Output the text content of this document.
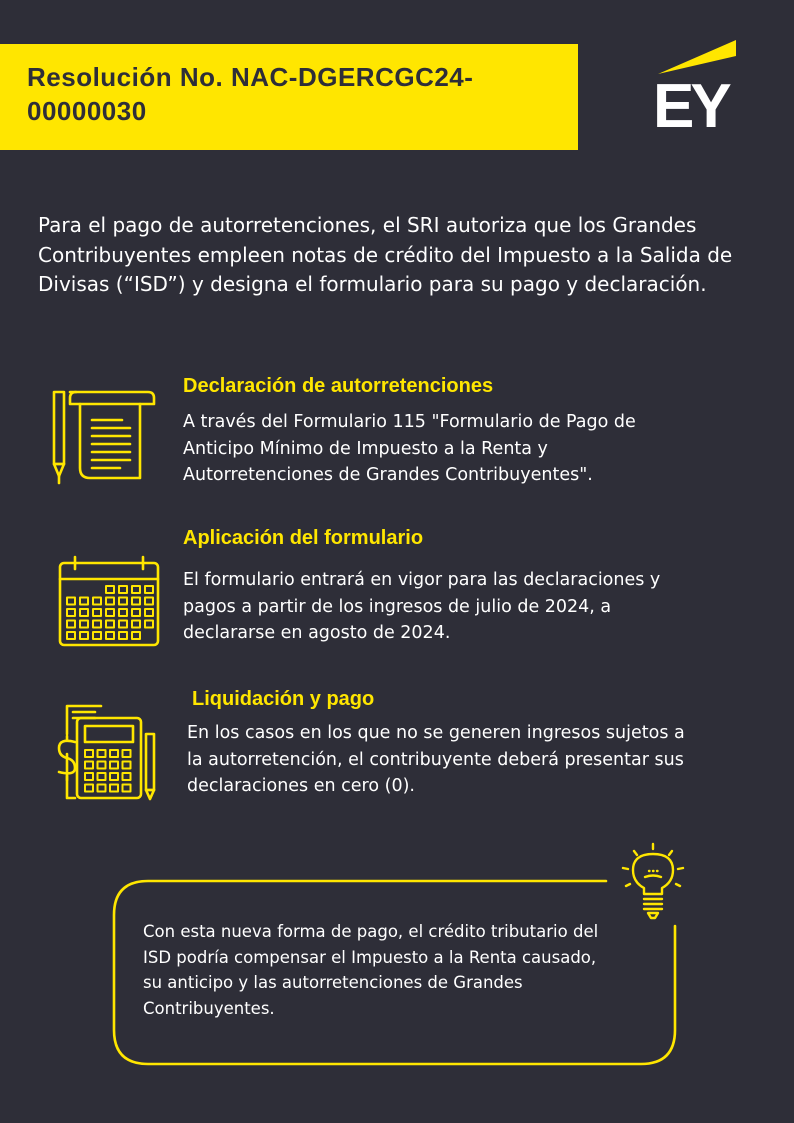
Resolución No. NAC-DGERCGC24-
00000030	EY
Para el pago de autorretenciones, el SRI autoriza que los Grandes Contribuyentes empleen notas de crédito del Impuesto a la Salida de Divisas (“ISD”) y designa el formulario para su pago y declaración.
Declaración de autorretenciones
A través del Formulario 115 "Formulario de Pago de Anticipo Mínimo de Impuesto a la Renta y Autorretenciones de Grandes Contribuyentes".
Aplicación del formulario
El formulario entrará en vigor para las declaraciones y pagos a partir de los ingresos de julio de 2024, a declararse en agosto de 2024.
Liquidación y pago
En los casos en los que no se generen ingresos sujetos a la autorretención, el contribuyente deberá presentar sus declaraciones en cero (0).
Con esta nueva forma de pago, el crédito tributario del ISD podría compensar el Impuesto a la Renta causado, su anticipo y las autorretenciones de Grandes Contribuyentes.
